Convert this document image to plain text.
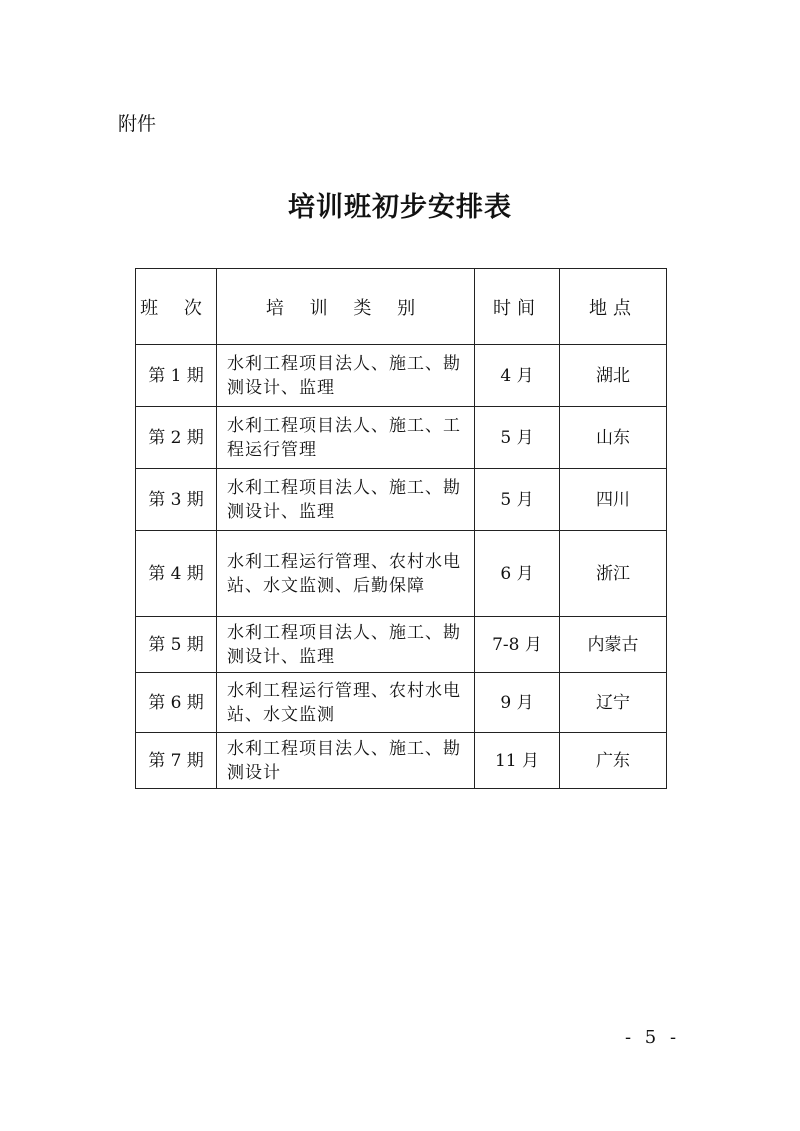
附件
培训班初步安排表
班 次	培 训 类 别	时间	地点
第 1 期	水利工程项目法人、施工、勘测设计、监理	4 月	湖北
第 2 期	水利工程项目法人、施工、工程运行管理	5 月	山东
第 3 期	水利工程项目法人、施工、勘测设计、监理	5 月	四川
第 4 期	水利工程运行管理、农村水电站、水文监测、后勤保障	6 月	浙江
第 5 期	水利工程项目法人、施工、勘测设计、监理	7-8 月	内蒙古
第 6 期	水利工程运行管理、农村水电站、水文监测	9 月	辽宁
第 7 期	水利工程项目法人、施工、勘测设计	11 月	广东
- 5 -
